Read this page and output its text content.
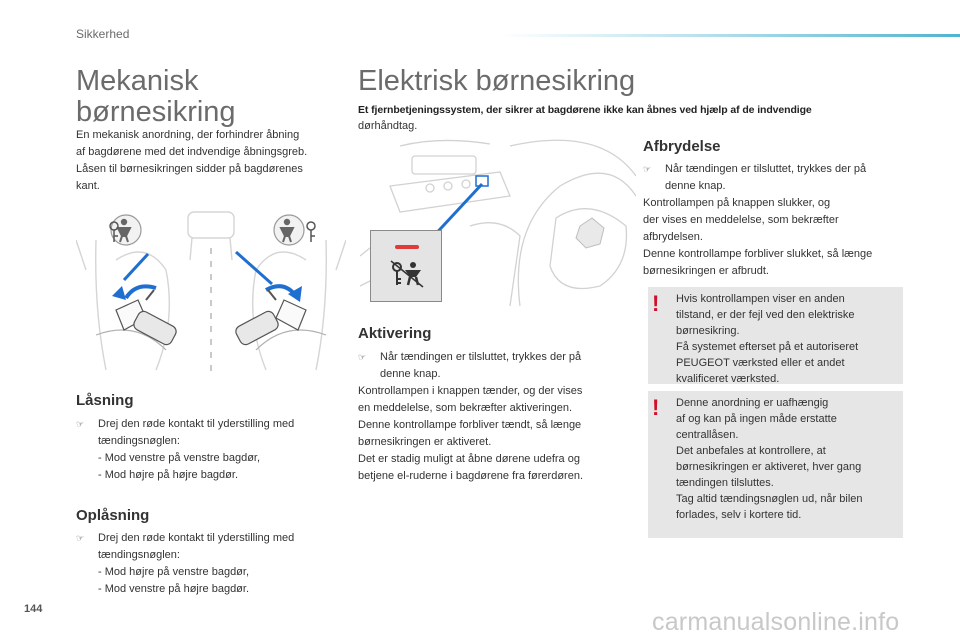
Sikkerhed
Mekanisk
børnesikring
En mekanisk anordning, der forhindrer åbning
af bagdørene med det indvendige åbningsgreb.
Låsen til børnesikringen sidder på bagdørenes
kant.
Låsning
☞ Drej den røde kontakt til yderstilling med
tændingsnøglen:
- Mod venstre på venstre bagdør,
- Mod højre på højre bagdør.
Oplåsning
☞ Drej den røde kontakt til yderstilling med
tændingsnøglen:
- Mod højre på venstre bagdør,
- Mod venstre på højre bagdør.
Elektrisk børnesikring
Et fjernbetjeningssystem, der sikrer at bagdørene ikke kan åbnes ved hjælp af de indvendige
dørhåndtag.
Aktivering
☞ Når tændingen er tilsluttet, trykkes der på
denne knap.
Kontrollampen i knappen tænder, og der vises
en meddelelse, som bekræfter aktiveringen.
Denne kontrollampe forbliver tændt, så længe
børnesikringen er aktiveret.
Det er stadig muligt at åbne dørene udefra og
betjene el-ruderne i bagdørene fra førerdøren.
Afbrydelse
☞ Når tændingen er tilsluttet, trykkes der på
denne knap.
Kontrollampen på knappen slukker, og
der vises en meddelelse, som bekræfter
afbrydelsen.
Denne kontrollampe forbliver slukket, så længe
børnesikringen er afbrudt.
! Hvis kontrollampen viser en anden
tilstand, er der fejl ved den elektriske
børnesikring.
Få systemet efterset på et autoriseret
PEUGEOT værksted eller et andet
kvalificeret værksted.
! Denne anordning er uafhængig
af og kan på ingen måde erstatte
centrallåsen.
Det anbefales at kontrollere, at
børnesikringen er aktiveret, hver gang
tændingen tilsluttes.
Tag altid tændingsnøglen ud, når bilen
forlades, selv i kortere tid.
144	carmanualsonline.info
